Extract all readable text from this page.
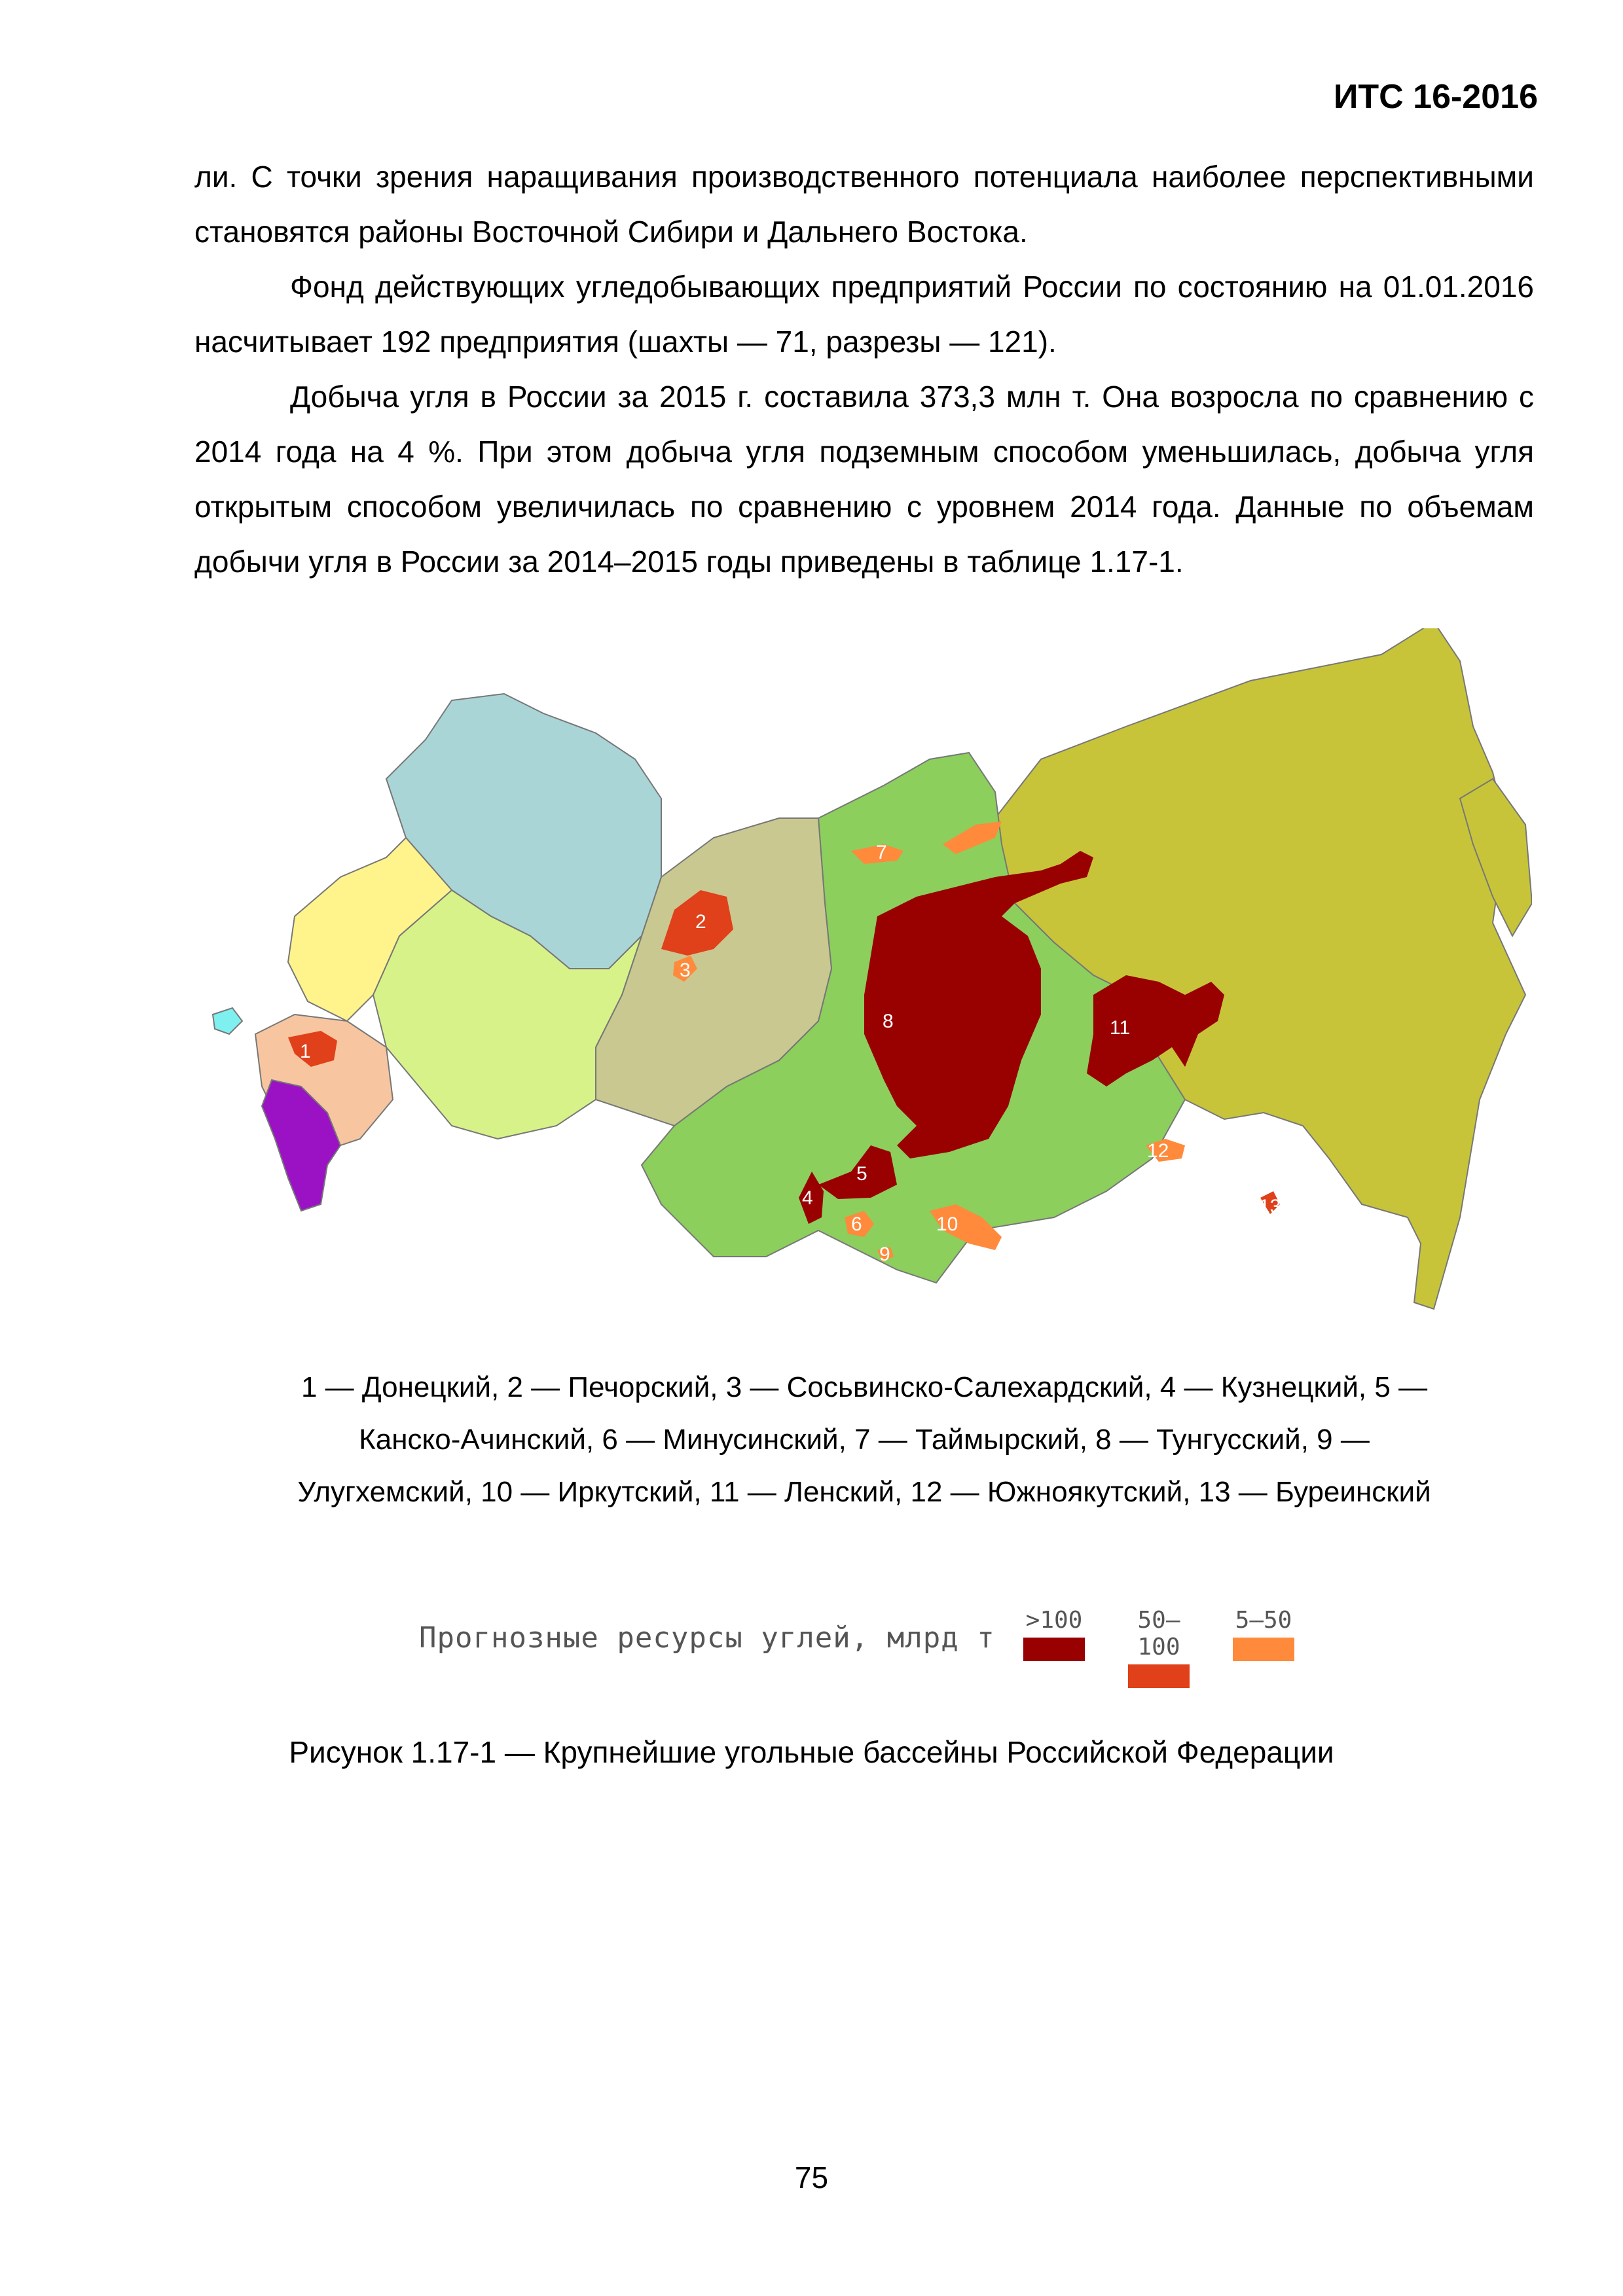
ИТС 16-2016

ли. С точки зрения наращивания производственного потенциала наиболее перспективными становятся районы Восточной Сибири и Дальнего Востока.

Фонд действующих угледобывающих предприятий России по состоянию на 01.01.2016 насчитывает 192 предприятия (шахты — 71, разрезы — 121).

Добыча угля в России за 2015 г. составила 373,3 млн т. Она возросла по сравнению с 2014 года на 4 %. При этом добыча угля подземным способом уменьшилась, добыча угля открытым способом увеличилась по сравнению с уровнем 2014 года. Данные по объемам добычи угля в России за 2014–2015 годы приведены в таблице 1.17-1.

1
2
3
4
5
6
7
8
9
10
11
12
13
1 — Донецкий, 2 — Печорский, 3 — Сосьвинско-Салехардский, 4 — Кузнецкий, 5 — Канско-Ачинский, 6 — Минусинский, 7 — Таймырский, 8 — Тунгусский, 9 — Улугхемский, 10 — Иркутский, 11 — Ленский, 12 — Южноякутский, 13 — Буреинский
Прогнозные ресурсы углей, млрд т
>100	50–100
5–50
Рисунок 1.17-1 — Крупнейшие угольные бассейны Российской Федерации
75
